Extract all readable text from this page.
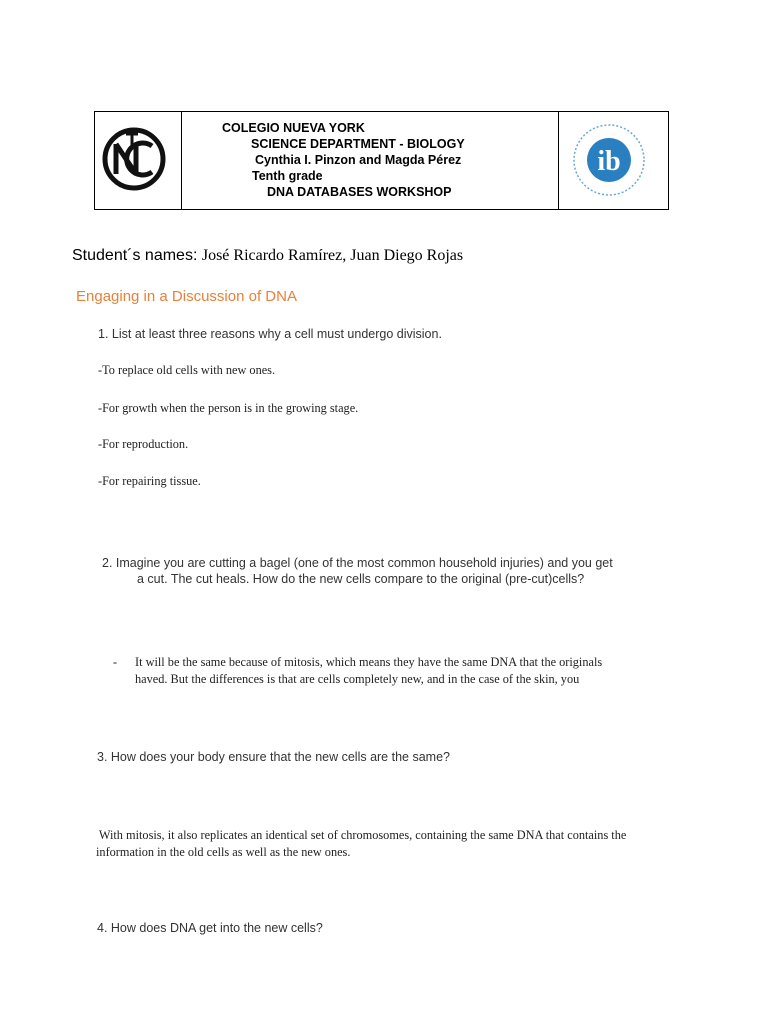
COLEGIO NUEVA YORK
SCIENCE DEPARTMENT - BIOLOGY
Cynthia I. Pinzon and Magda Pérez
Tenth grade
DNA DATABASES WORKSHOP
ib
Student´s names: José Ricardo Ramírez, Juan Diego Rojas
Engaging in a Discussion of DNA
1. List at least three reasons why a cell must undergo division.
-To replace old cells with new ones.
-For growth when the person is in the growing stage.
-For reproduction.
-For repairing tissue.
2. Imagine you are cutting a bagel (one of the most common household injuries) and you get
a cut. The cut heals. How do the new cells compare to the original (pre-cut)cells?
- It will be the same because of mitosis, which means they have the same DNA that the originals
haved. But the differences is that are cells completely new, and in the case of the skin, you
3. How does your body ensure that the new cells are the same?
With mitosis, it also replicates an identical set of chromosomes, containing the same DNA that contains the
information in the old cells as well as the new ones.
4. How does DNA get into the new cells?
